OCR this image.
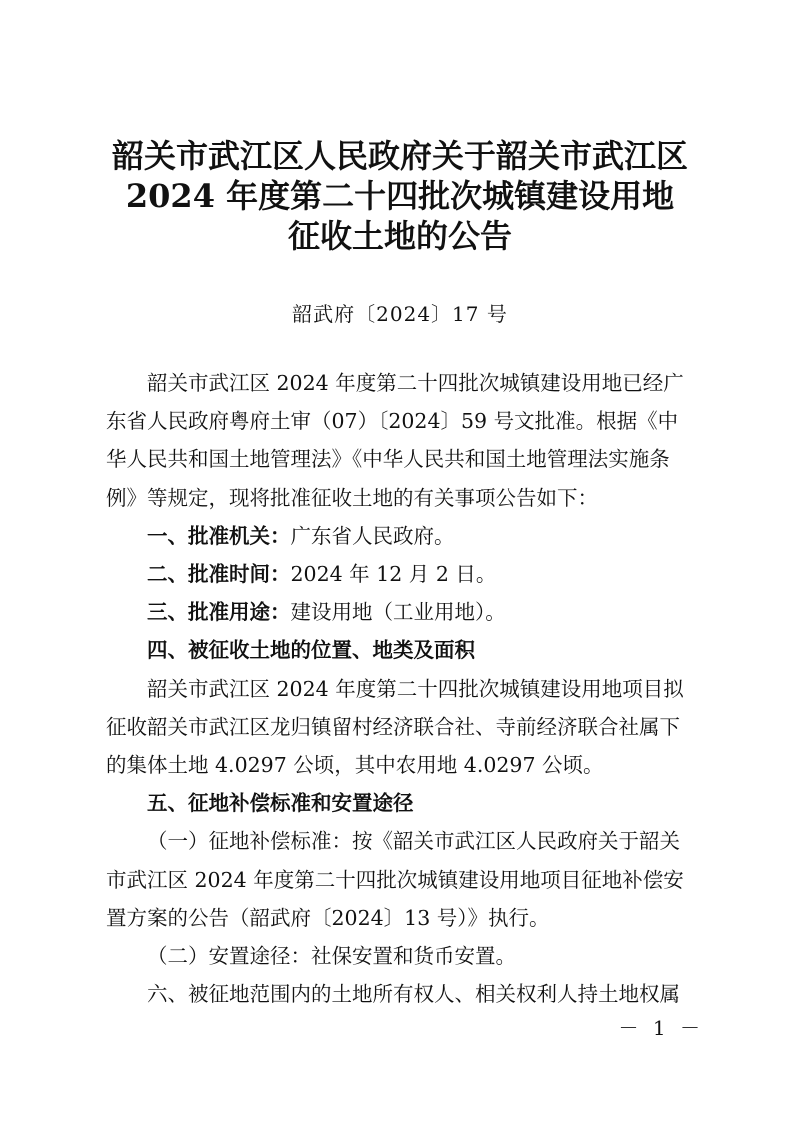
韶关市武江区人民政府关于韶关市武江区
2024 年度第二十四批次城镇建设用地
征收土地的公告
韶武府〔2024〕17 号
韶关市武江区 2024 年度第二十四批次城镇建设用地已经广
东省人民政府粤府土审（07）〔2024〕59 号文批准。根据《中
华人民共和国土地管理法》《中华人民共和国土地管理法实施条
例》等规定，现将批准征收土地的有关事项公告如下：
一、批准机关：广东省人民政府。
二、批准时间：2024 年 12 月 2 日。
三、批准用途：建设用地（工业用地）。
四、被征收土地的位置、地类及面积
韶关市武江区 2024 年度第二十四批次城镇建设用地项目拟
征收韶关市武江区龙归镇留村经济联合社、寺前经济联合社属下
的集体土地 4.0297 公顷，其中农用地 4.0297 公顷。
五、征地补偿标准和安置途径
（一）征地补偿标准：按《韶关市武江区人民政府关于韶关
市武江区 2024 年度第二十四批次城镇建设用地项目征地补偿安
置方案的公告（韶武府〔2024〕13 号）》执行。
（二）安置途径：社保安置和货币安置。
六、被征地范围内的土地所有权人、相关权利人持土地权属
－ 1 －
